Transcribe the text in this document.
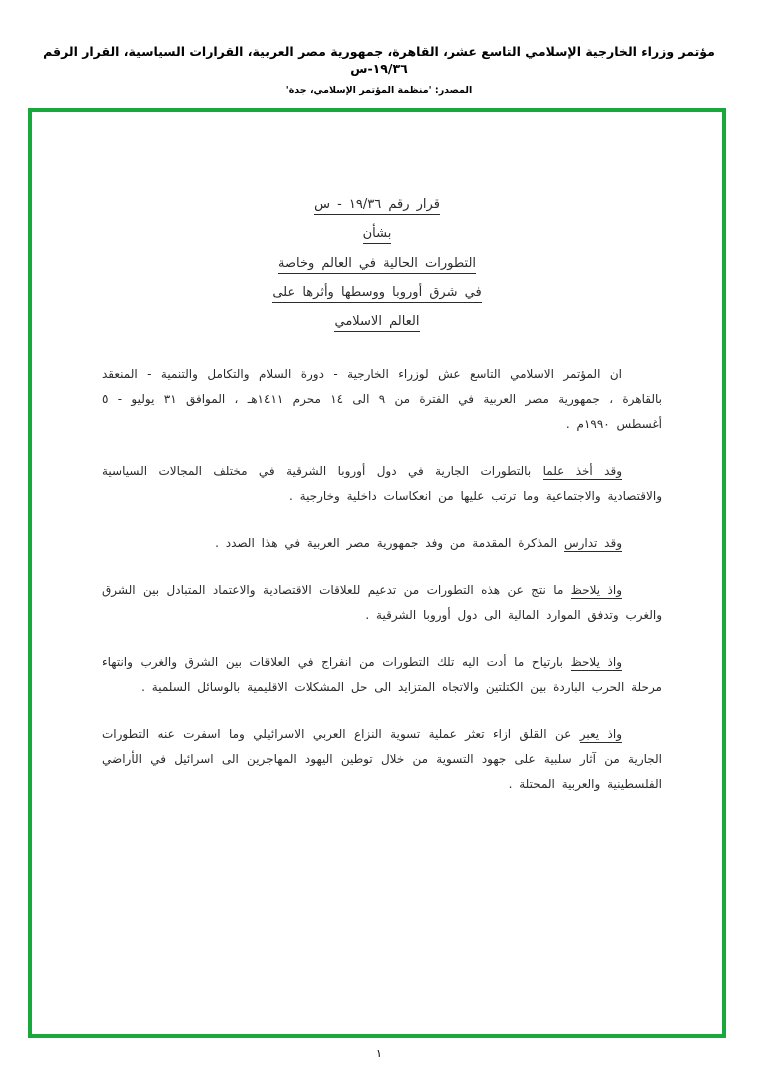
مؤتمر وزراء الخارجية الإسلامي التاسع عشر، القاهرة، جمهورية مصر العربية، القرارات السياسية، القرار الرقم ١٩/٣٦-س
المصدر: 'منظمة المؤتمر الإسلامي، جدة'
قرار رقم ١٩/٣٦ - س
بشأن
التطورات الحالية في العالم وخاصة
في شرق أوروبا ووسطها وأثرها على
العالم الاسلامي

ان المؤتمر الاسلامي التاسع عش لوزراء الخارجية - دورة السلام والتكامل والتنمية - المنعقد بالقاهرة ، جمهورية مصر العربية في الفترة من ٩ الى ١٤ محرم ١٤١١هـ ، الموافق ٣١ يوليو - ٥ أغسطس ١٩٩٠م .

وقد أخذ علما بالتطورات الجارية في دول أوروبا الشرقية في مختلف المجالات السياسية والاقتصادية والاجتماعية وما ترتب عليها من انعكاسات داخلية وخارجية .

وقد تدارس المذكرة المقدمة من وفد جمهورية مصر العربية في هذا الصدد .

واذ يلاحظ ما نتج عن هذه التطورات من تدعيم للعلاقات الاقتصادية والاعتماد المتبادل بين الشرق والغرب وتدفق الموارد المالية الى دول أوروبا الشرقية .

واذ يلاحظ بارتياح ما أدت اليه تلك التطورات من انفراج في العلاقات بين الشرق والغرب وانتهاء مرحلة الحرب الباردة بين الكتلتين والاتجاه المتزايد الى حل المشكلات الاقليمية بالوسائل السلمية .

واذ يعبر عن القلق ازاء تعثر عملية تسوية النزاع العربي الاسرائيلي وما اسفرت عنه التطورات الجارية من آثار سلبية على جهود التسوية من خلال توطين اليهود المهاجرين الى اسرائيل في الأراضي الفلسطينية والعربية المحتلة .

١
